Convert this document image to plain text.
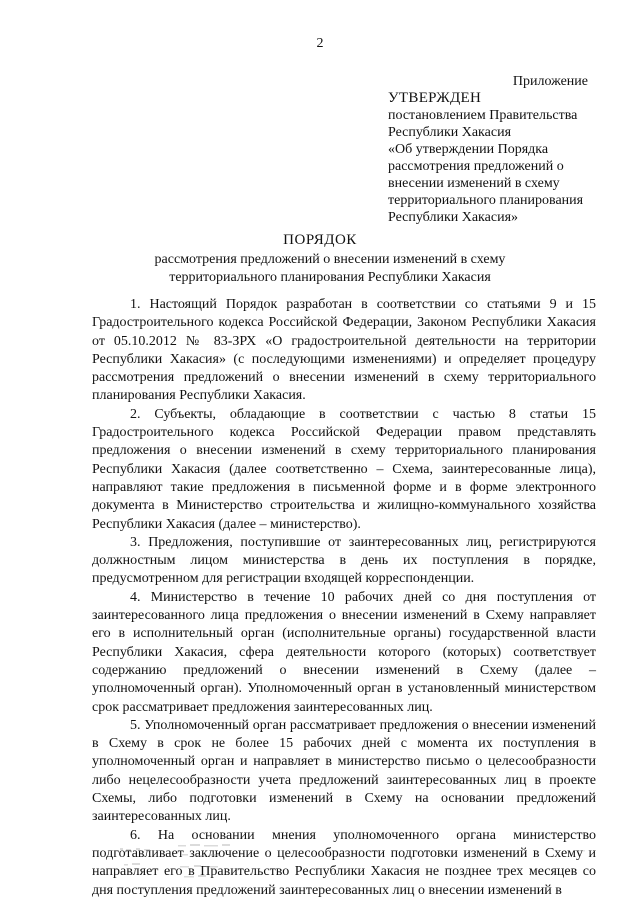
2
Приложение
УТВЕРЖДЕН
постановлением Правительства
Республики Хакасия
«Об утверждении Порядка
рассмотрения предложений о
внесении изменений в схему
территориального планирования
Республики Хакасия»
ПОРЯДОК
рассмотрения предложений о внесении изменений в схему территориального планирования Республики Хакасия

1. Настоящий Порядок разработан в соответствии со статьями 9 и 15 Градостроительного кодекса Российской Федерации, Законом Республики Хакасия от 05.10.2012 № 83-ЗРХ «О градостроительной деятельности на территории Республики Хакасия» (с последующими изменениями) и определяет процедуру рассмотрения предложений о внесении изменений в схему территориального планирования Республики Хакасия.

2. Субъекты, обладающие в соответствии с частью 8 статьи 15 Градостроительного кодекса Российской Федерации правом представлять предложения о внесении изменений в схему территориального планирования Республики Хакасия (далее соответственно – Схема, заинтересованные лица), направляют такие предложения в письменной форме и в форме электронного документа в Министерство строительства и жилищно-коммунального хозяйства Республики Хакасия (далее – министерство).

3. Предложения, поступившие от заинтересованных лиц, регистрируются должностным лицом министерства в день их поступления в порядке, предусмотренном для регистрации входящей корреспонденции.

4. Министерство в течение 10 рабочих дней со дня поступления от заинтересованного лица предложения о внесении изменений в Схему направляет его в исполнительный орган (исполнительные органы) государственной власти Республики Хакасия, сфера деятельности которого (которых) соответствует содержанию предложений о внесении изменений в Схему (далее – уполномоченный орган). Уполномоченный орган в установленный министерством срок рассматривает предложения заинтересованных лиц.

5. Уполномоченный орган рассматривает предложения о внесении изменений в Схему в срок не более 15 рабочих дней с момента их поступления в уполномоченный орган и направляет в министерство письмо о целесообразности либо нецелесообразности учета предложений заинтересованных лиц в проекте Схемы, либо подготовки изменений в Схему на основании предложений заинтересованных лиц.

6. На основании мнения уполномоченного органа министерство подготавливает заключение о целесообразности подготовки изменений в Схему и направляет его в Правительство Республики Хакасия не позднее трех месяцев со дня поступления предложений заинтересованных лиц о внесении изменений в
